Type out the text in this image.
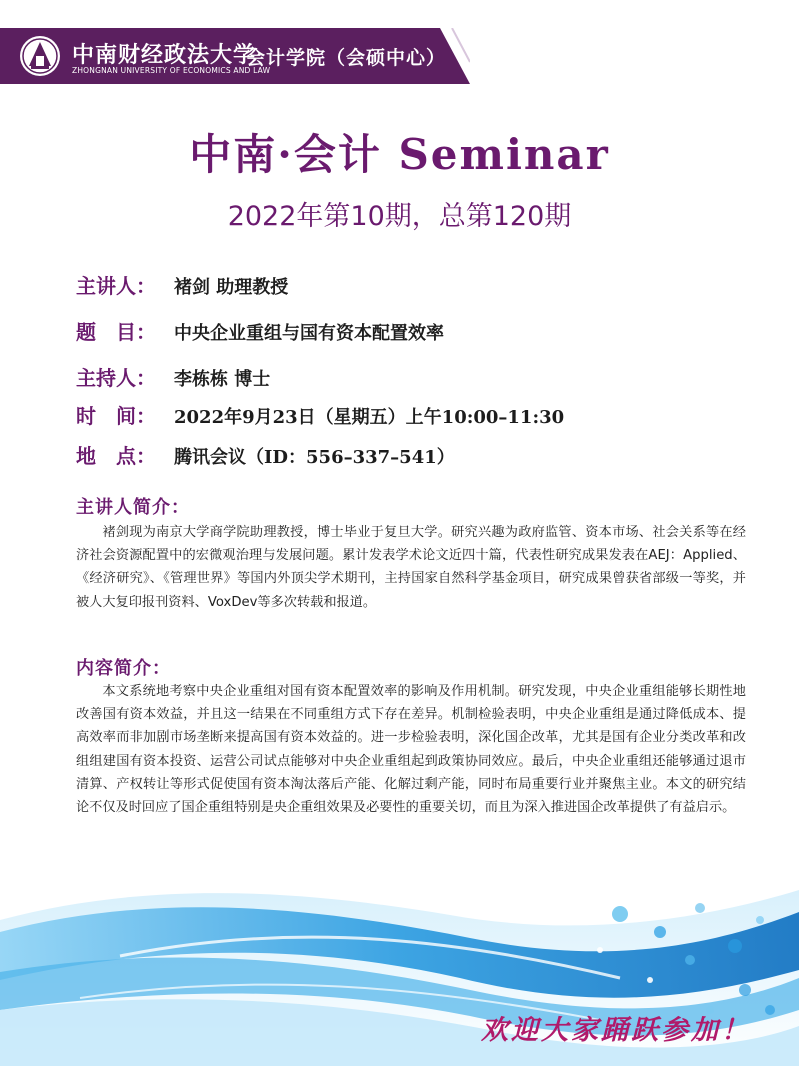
中南财经政法大学
ZHONGNAN UNIVERSITY OF ECONOMICS AND LAW
会计学院（会硕中心）
中南·会计 Seminar
2022年第10期，总第120期
主讲人： 褚剑 助理教授
题　目： 中央企业重组与国有资本配置效率
主持人： 李栋栋 博士
时　间： 2022年9月23日（星期五）上午10:00–11:30
地　点： 腾讯会议（ID：556–337–541）
主讲人简介：
褚剑现为南京大学商学院助理教授，博士毕业于复旦大学。研究兴趣为政府监管、资本市场、社会关系等在经济社会资源配置中的宏微观治理与发展问题。累计发表学术论文近四十篇，代表性研究成果发表在AEJ：Applied、《经济研究》、《管理世界》等国内外顶尖学术期刊，主持国家自然科学基金项目，研究成果曾获省部级一等奖，并被人大复印报刊资料、VoxDev等多次转载和报道。
内容简介：
本文系统地考察中央企业重组对国有资本配置效率的影响及作用机制。研究发现，中央企业重组能够长期性地改善国有资本效益，并且这一结果在不同重组方式下存在差异。机制检验表明，中央企业重组是通过降低成本、提高效率而非加剧市场垄断来提高国有资本效益的。进一步检验表明，深化国企改革，尤其是国有企业分类改革和改组组建国有资本投资、运营公司试点能够对中央企业重组起到政策协同效应。最后，中央企业重组还能够通过退市清算、产权转让等形式促使国有资本淘汰落后产能、化解过剩产能，同时布局重要行业并聚焦主业。本文的研究结论不仅及时回应了国企重组特别是央企重组效果及必要性的重要关切，而且为深入推进国企改革提供了有益启示。
欢迎大家踊跃参加！
